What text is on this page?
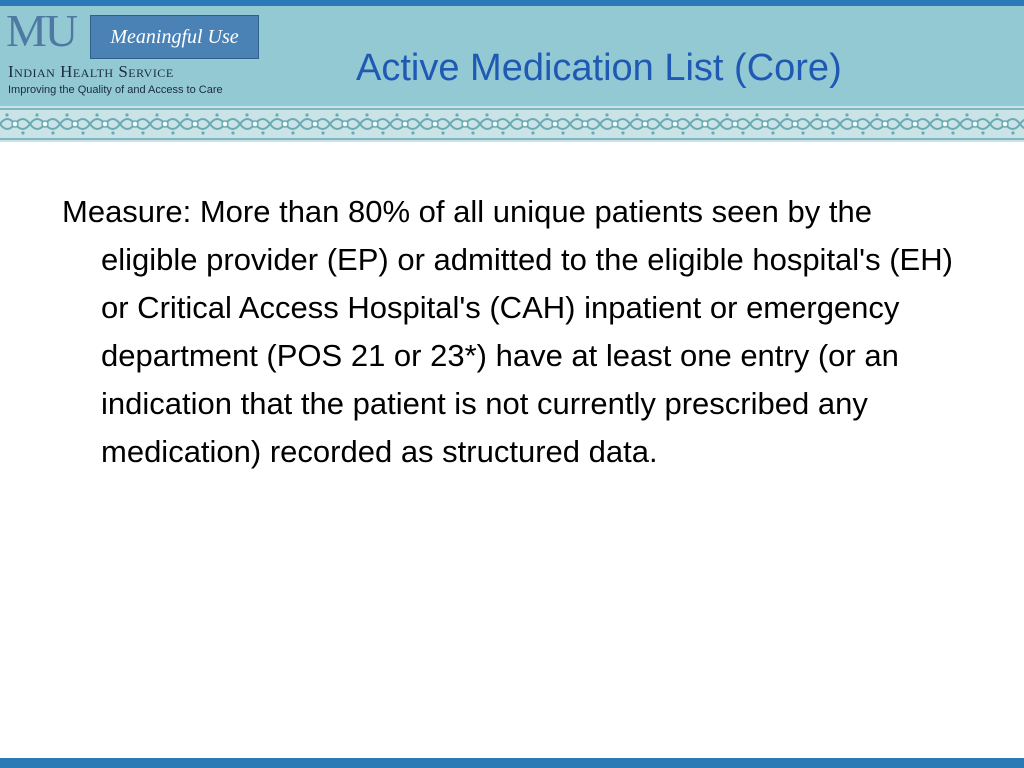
MU	Meaningful Use
Indian Health Service
Improving the Quality of and Access to Care
Active Medication List (Core)

Measure: More than 80% of all unique patients seen by the eligible provider (EP) or admitted to the eligible hospital's (EH) or Critical Access Hospital's (CAH) inpatient or emergency department (POS 21 or 23*) have at least one entry (or an indication that the patient is not currently prescribed any medication) recorded as structured data.
